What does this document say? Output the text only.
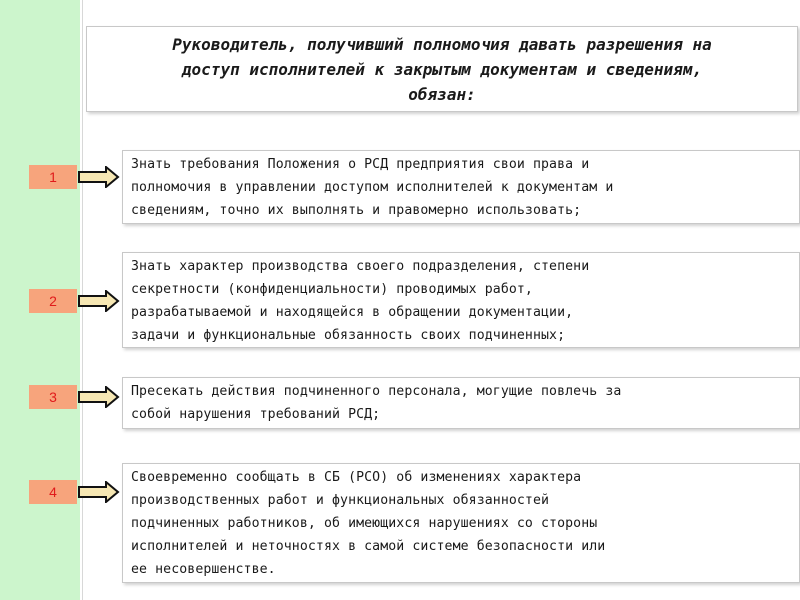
Руководитель, получивший полномочия давать разрешения на
доступ исполнителей к закрытым документам и сведениям,
обязан:
1
Знать требования Положения о РСД предприятия свои права и
полномочия в управлении доступом исполнителей к документам и
сведениям, точно их выполнять и правомерно использовать;
2
Знать характер производства своего подразделения, степени
секретности (конфиденциальности) проводимых работ,
разрабатываемой и находящейся в обращении документации,
задачи и функциональные обязанность своих подчиненных;
3	Пресекать действия подчиненного персонала, могущие повлечь за
собой нарушения требований РСД;
4
Своевременно сообщать в СБ (РСО) об изменениях характера
производственных работ и функциональных обязанностей
подчиненных работников, об имеющихся нарушениях со стороны
исполнителей и неточностях в самой системе безопасности или
ее несовершенстве.
